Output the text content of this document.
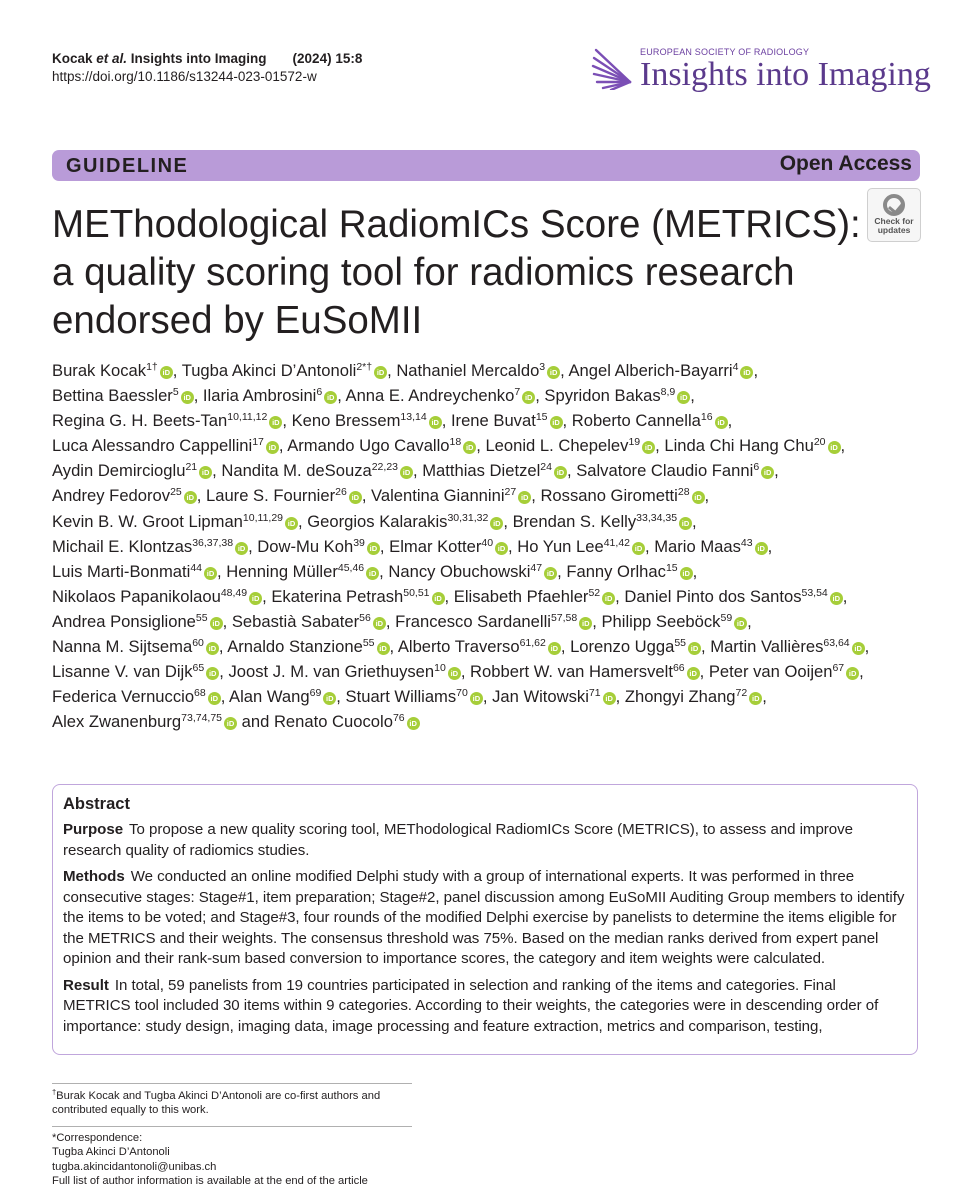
Kocak et al. Insights into Imaging (2024) 15:8
https://doi.org/10.1186/s13244-023-01572-w
EUROPEAN SOCIETY OF RADIOLOGY
Insights into Imaging
GUIDELINE	Open Access
Check for
updates
METhodological RadiomICs Score (METRICS):
a quality scoring tool for radiomics research
endorsed by EuSoMII
Burak Kocak$^{1\dagger}$ iD , Tugba Akinci D’Antonoli$^{2*\dagger}$ iD , Nathaniel Mercaldo$^3$ iD , Angel Alberich-Bayarri$^4$ iD ,
Bettina Baessler$^5$ iD , Ilaria Ambrosini$^6$ iD , Anna E. Andreychenko$^7$ iD , Spyridon Bakas$^{8,9}$ iD ,
Regina G. H. Beets-Tan$^{10,11,12}$ iD , Keno Bressem$^{13,14}$ iD , Irene Buvat$^{15}$ iD , Roberto Cannella$^{16}$ iD ,
Luca Alessandro Cappellini$^{17}$ iD , Armando Ugo Cavallo$^{18}$ iD , Leonid L. Chepelev$^{19}$ iD , Linda Chi Hang Chu$^{20}$ iD ,
Aydin Demircioglu$^{21}$ iD , Nandita M. deSouza$^{22,23}$ iD , Matthias Dietzel$^{24}$ iD , Salvatore Claudio Fanni$^6$ iD ,
Andrey Fedorov$^{25}$ iD , Laure S. Fournier$^{26}$ iD , Valentina Giannini$^{27}$ iD , Rossano Girometti$^{28}$ iD ,
Kevin B. W. Groot Lipman$^{10,11,29}$ iD , Georgios Kalarakis$^{30,31,32}$ iD , Brendan S. Kelly$^{33,34,35}$ iD ,
Michail E. Klontzas$^{36,37,38}$ iD , Dow-Mu Koh$^{39}$ iD , Elmar Kotter$^{40}$ iD , Ho Yun Lee$^{41,42}$ iD , Mario Maas$^{43}$ iD ,
Luis Marti-Bonmati$^{44}$ iD , Henning Müller$^{45,46}$ iD , Nancy Obuchowski$^{47}$ iD , Fanny Orlhac$^{15}$ iD ,
Nikolaos Papanikolaou$^{48,49}$ iD , Ekaterina Petrash$^{50,51}$ iD , Elisabeth Pfaehler$^{52}$ iD , Daniel Pinto dos Santos$^{53,54}$ iD ,
Andrea Ponsiglione$^{55}$ iD , Sebastià Sabater$^{56}$ iD , Francesco Sardanelli$^{57,58}$ iD , Philipp Seeböck$^{59}$ iD ,
Nanna M. Sijtsema$^{60}$ iD , Arnaldo Stanzione$^{55}$ iD , Alberto Traverso$^{61,62}$ iD , Lorenzo Ugga$^{55}$ iD , Martin Vallières$^{63,64}$ iD ,
Lisanne V. van Dijk$^{65}$ iD , Joost J. M. van Griethuysen$^{10}$ iD , Robbert W. van Hamersvelt$^{66}$ iD , Peter van Ooijen$^{67}$ iD ,
Federica Vernuccio$^{68}$ iD , Alan Wang$^{69}$ iD , Stuart Williams$^{70}$ iD , Jan Witowski$^{71}$ iD , Zhongyi Zhang$^{72}$ iD ,
Alex Zwanenburg$^{73,74,75}$ iD and Renato Cuocolo$^{76}$ iD
Abstract
Purpose To propose a new quality scoring tool, METhodological RadiomICs Score (METRICS), to assess and improve research quality of radiomics studies.
Methods We conducted an online modified Delphi study with a group of international experts. It was performed in three consecutive stages: Stage#1, item preparation; Stage#2, panel discussion among EuSoMII Auditing Group members to identify the items to be voted; and Stage#3, four rounds of the modified Delphi exercise by panelists to determine the items eligible for the METRICS and their weights. The consensus threshold was 75%. Based on the median ranks derived from expert panel opinion and their rank-sum based conversion to importance scores, the category and item weights were calculated.
Result In total, 59 panelists from 19 countries participated in selection and ranking of the items and categories. Final METRICS tool included 30 items within 9 categories. According to their weights, the categories were in descending order of importance: study design, imaging data, image processing and feature extraction, metrics and comparison, testing,
†Burak Kocak and Tugba Akinci D’Antonoli are co-first authors and
contributed equally to this work.
*Correspondence:
Tugba Akinci D’Antonoli
tugba.akincidantonoli@unibas.ch
Full list of author information is available at the end of the article
